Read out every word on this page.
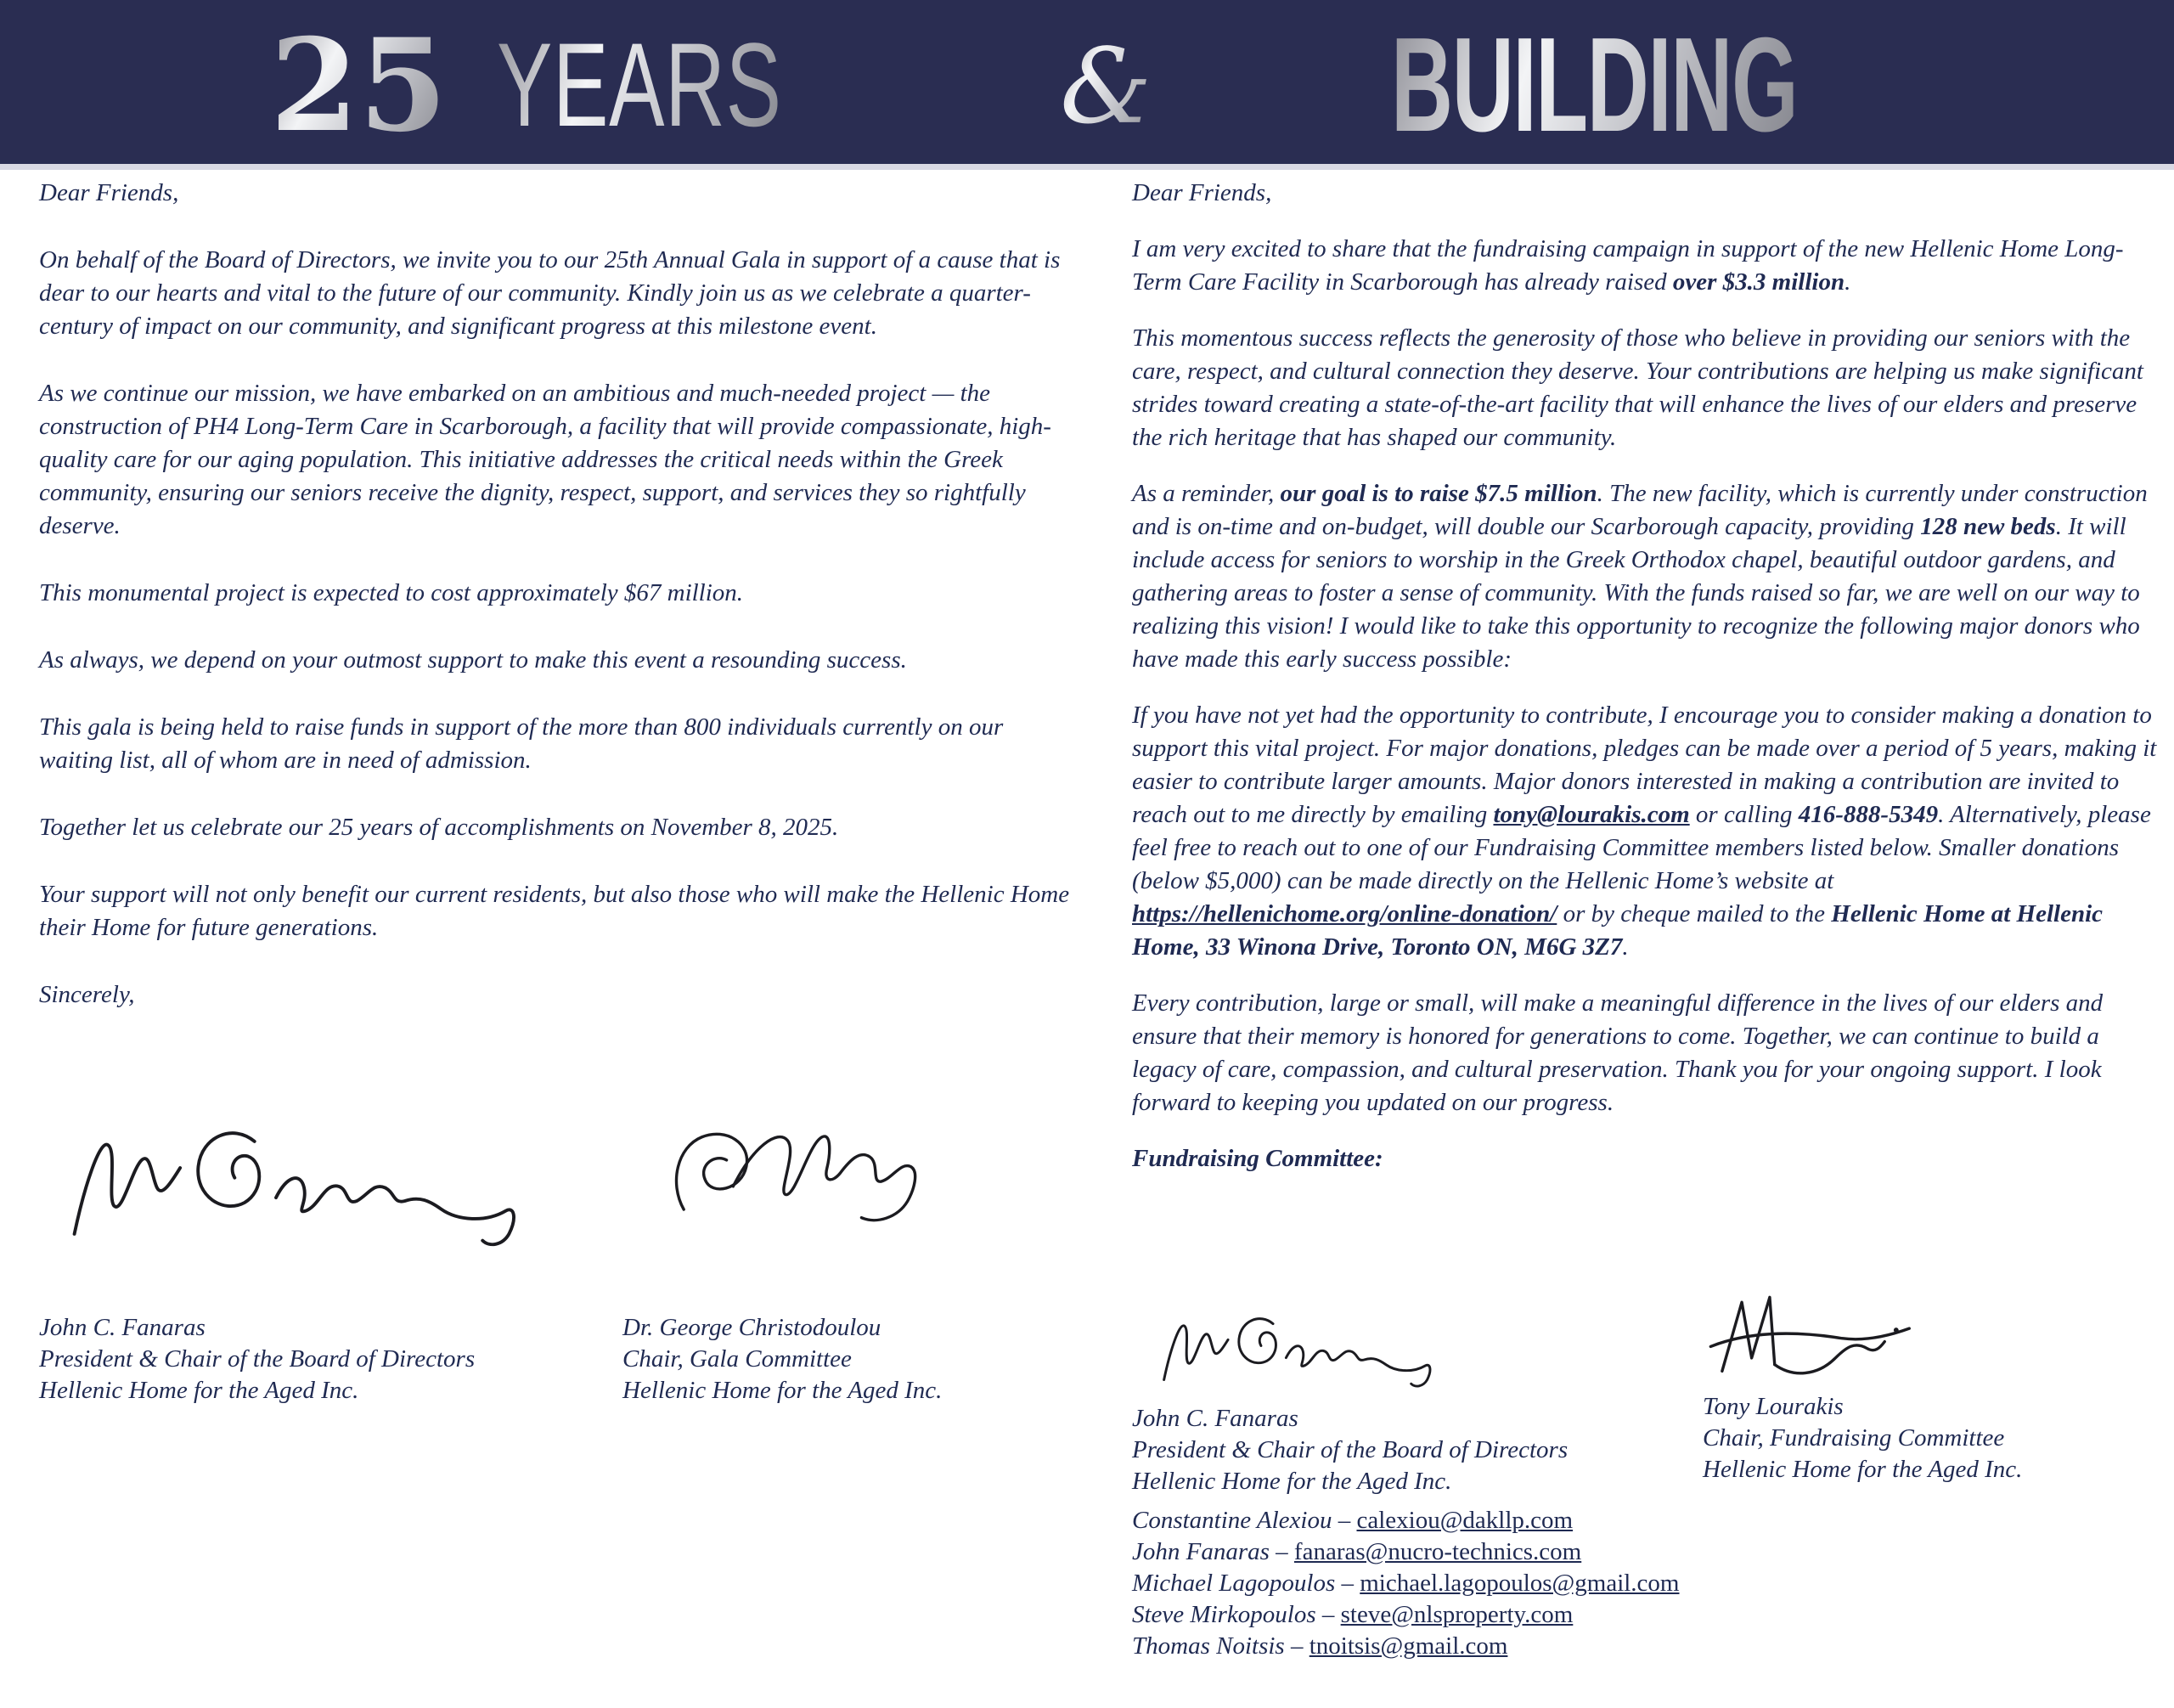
25 YEARS	& BUILDING

Dear Friends,

On behalf of the Board of Directors, we invite you to our 25th Annual Gala in support of a cause that is dear to our hearts and vital to the future of our community. Kindly join us as we celebrate a quarter-century of impact on our community, and significant progress at this milestone event.

As we continue our mission, we have embarked on an ambitious and much-needed project — the construction of PH4 Long-Term Care in Scarborough, a facility that will provide compassionate, high-quality care for our aging population. This initiative addresses the critical needs within the Greek community, ensuring our seniors receive the dignity, respect, support, and services they so rightfully deserve.

This monumental project is expected to cost approximately $67 million.

As always, we depend on your outmost support to make this event a resounding success.

This gala is being held to raise funds in support of the more than 800 individuals currently on our waiting list, all of whom are in need of admission.

Together let us celebrate our 25 years of accomplishments on November 8, 2025.

Your support will not only benefit our current residents, but also those who will make the Hellenic Home their Home for future generations.

Sincerely,

Dear Friends,

I am very excited to share that the fundraising campaign in support of the new Hellenic Home Long-Term Care Facility in Scarborough has already raised over $3.3 million.

This momentous success reflects the generosity of those who believe in providing our seniors with the care, respect, and cultural connection they deserve. Your contributions are helping us make significant strides toward creating a state-of-the-art facility that will enhance the lives of our elders and preserve the rich heritage that has shaped our community.

As a reminder, our goal is to raise $7.5 million. The new facility, which is currently under construction and is on-time and on-budget, will double our Scarborough capacity, providing 128 new beds. It will include access for seniors to worship in the Greek Orthodox chapel, beautiful outdoor gardens, and gathering areas to foster a sense of community. With the funds raised so far, we are well on our way to realizing this vision! I would like to take this opportunity to recognize the following major donors who have made this early success possible:

If you have not yet had the opportunity to contribute, I encourage you to consider making a donation to support this vital project. For major donations, pledges can be made over a period of 5 years, making it easier to contribute larger amounts. Major donors interested in making a contribution are invited to reach out to me directly by emailing tony@lourakis.com or calling 416-888-5349. Alternatively, please feel free to reach out to one of our Fundraising Committee members listed below. Smaller donations (below $5,000) can be made directly on the Hellenic Home’s website at https://hellenichome.org/online-donation/ or by cheque mailed to the Hellenic Home at Hellenic Home, 33 Winona Drive, Toronto ON, M6G 3Z7.

Every contribution, large or small, will make a meaningful difference in the lives of our elders and ensure that their memory is honored for generations to come. Together, we can continue to build a legacy of care, compassion, and cultural preservation. Thank you for your ongoing support. I look forward to keeping you updated on our progress.

Fundraising Committee:

John C. Fanaras
President & Chair of the Board of Directors
Hellenic Home for the Aged Inc.
Dr. George Christodoulou
Chair, Gala Committee
Hellenic Home for the Aged Inc.
John C. Fanaras
President & Chair of the Board of Directors
Hellenic Home for the Aged Inc.
Tony Lourakis
Chair, Fundraising Committee
Hellenic Home for the Aged Inc.
Constantine Alexiou – calexiou@dakllp.com
John Fanaras – fanaras@nucro-technics.com
Michael Lagopoulos – michael.lagopoulos@gmail.com
Steve Mirkopoulos – steve@nlsproperty.com
Thomas Noitsis – tnoitsis@gmail.com
